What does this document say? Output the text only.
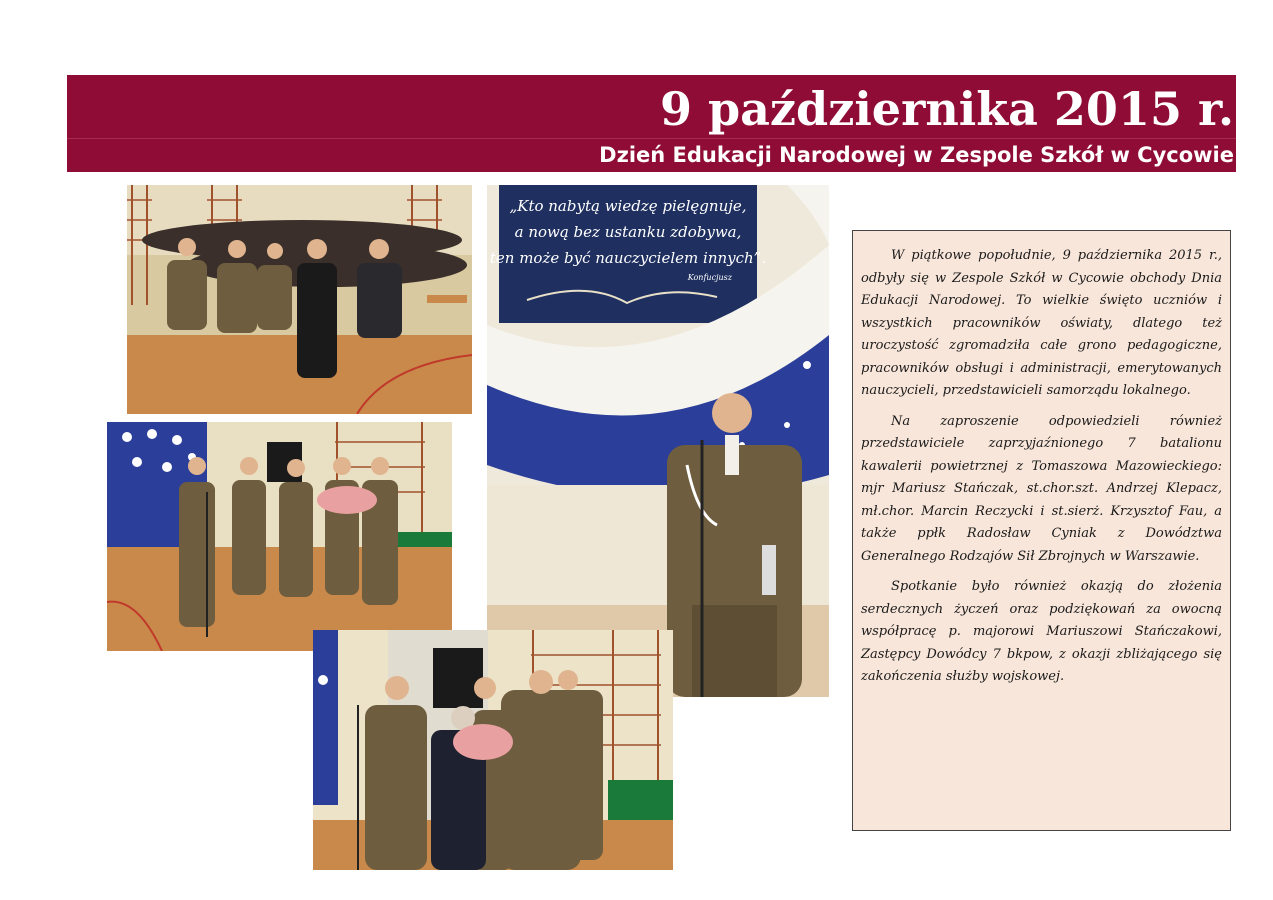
9 października 2015 r.
Dzień Edukacji Narodowej w Zespole Szkół w Cycowie
„Kto nabytą wiedzę pielęgnuje,
a nową bez ustanku zdobywa,
ten może być nauczycielem innych”.
Konfucjusz

W piątkowe popołudnie, 9 października 2015 r., odbyły się w Zespole Szkół w Cycowie obchody Dnia Edukacji Narodowej. To wielkie święto uczniów i wszystkich pracowników oświaty, dlatego też uroczystość zgromadziła całe grono pedagogiczne, pracowników obsługi i administracji, emerytowanych nauczycieli, przedstawicieli samorządu lokalnego.

Na zaproszenie odpowiedzieli również przedstawiciele zaprzyjaźnionego 7 batalionu kawalerii powietrznej z Tomaszowa Mazowieckiego: mjr Mariusz Stańczak, st.chor.szt. Andrzej Klepacz, mł.chor. Marcin Reczycki i st.sierż. Krzysztof Fau, a także ppłk Radosław Cyniak z Dowództwa Generalnego Rodzajów Sił Zbrojnych w Warszawie.

Spotkanie było również okazją do złożenia serdecznych życzeń oraz podziękowań za owocną współpracę p. majorowi Mariuszowi Stańczakowi, Zastępcy Dowódcy 7 bkpow, z okazji zbliżającego się zakończenia służby wojskowej.
